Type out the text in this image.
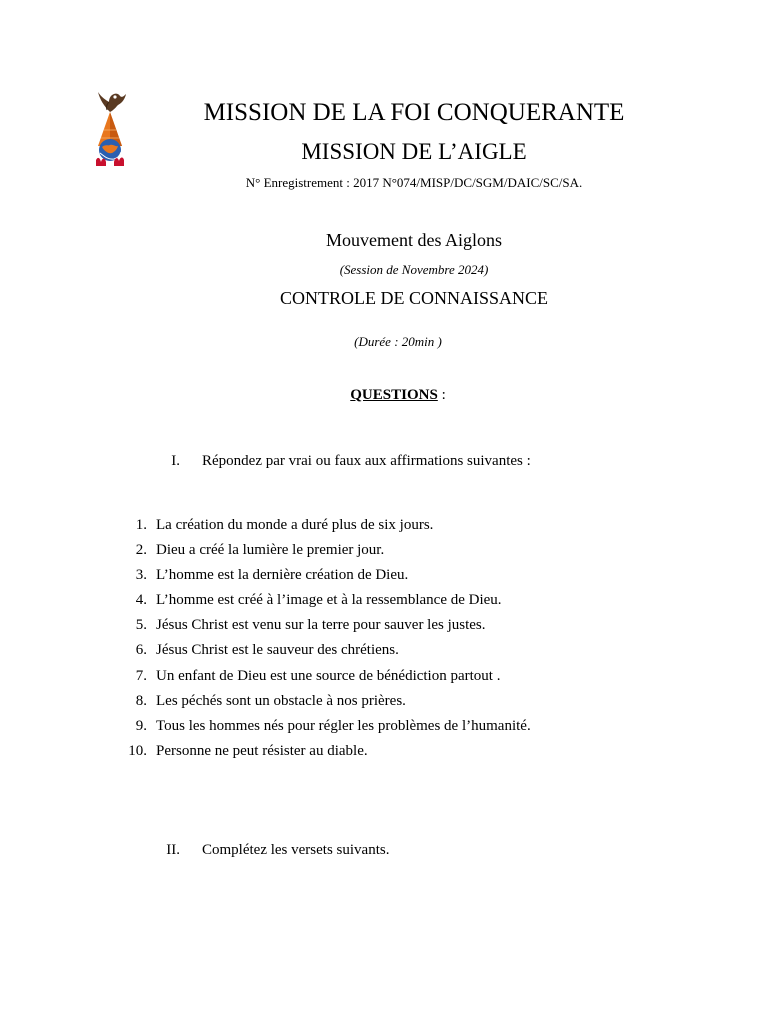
MISSION DE LA FOI CONQUERANTE
MISSION DE L’AIGLE
N° Enregistrement : 2017 N°074/MISP/DC/SGM/DAIC/SC/SA.
Mouvement des Aiglons
(Session de Novembre 2024)
CONTROLE DE CONNAISSANCE
(Durée : 20min )
QUESTIONS :
I. Répondez par vrai ou faux aux affirmations suivantes :
1. La création du monde a duré plus de six jours.
2. Dieu a créé la lumière le premier jour.
3. L’homme est la dernière création de Dieu.
4. L’homme est créé à l’image et à la ressemblance de Dieu.
5. Jésus Christ est venu sur la terre pour sauver les justes.
6. Jésus Christ est le sauveur des chrétiens.
7. Un enfant de Dieu est une source de bénédiction partout .
8. Les péchés sont un obstacle à nos prières.
9. Tous les hommes nés pour régler les problèmes de l’humanité.
10. Personne ne peut résister au diable.
II. Complétez les versets suivants.
